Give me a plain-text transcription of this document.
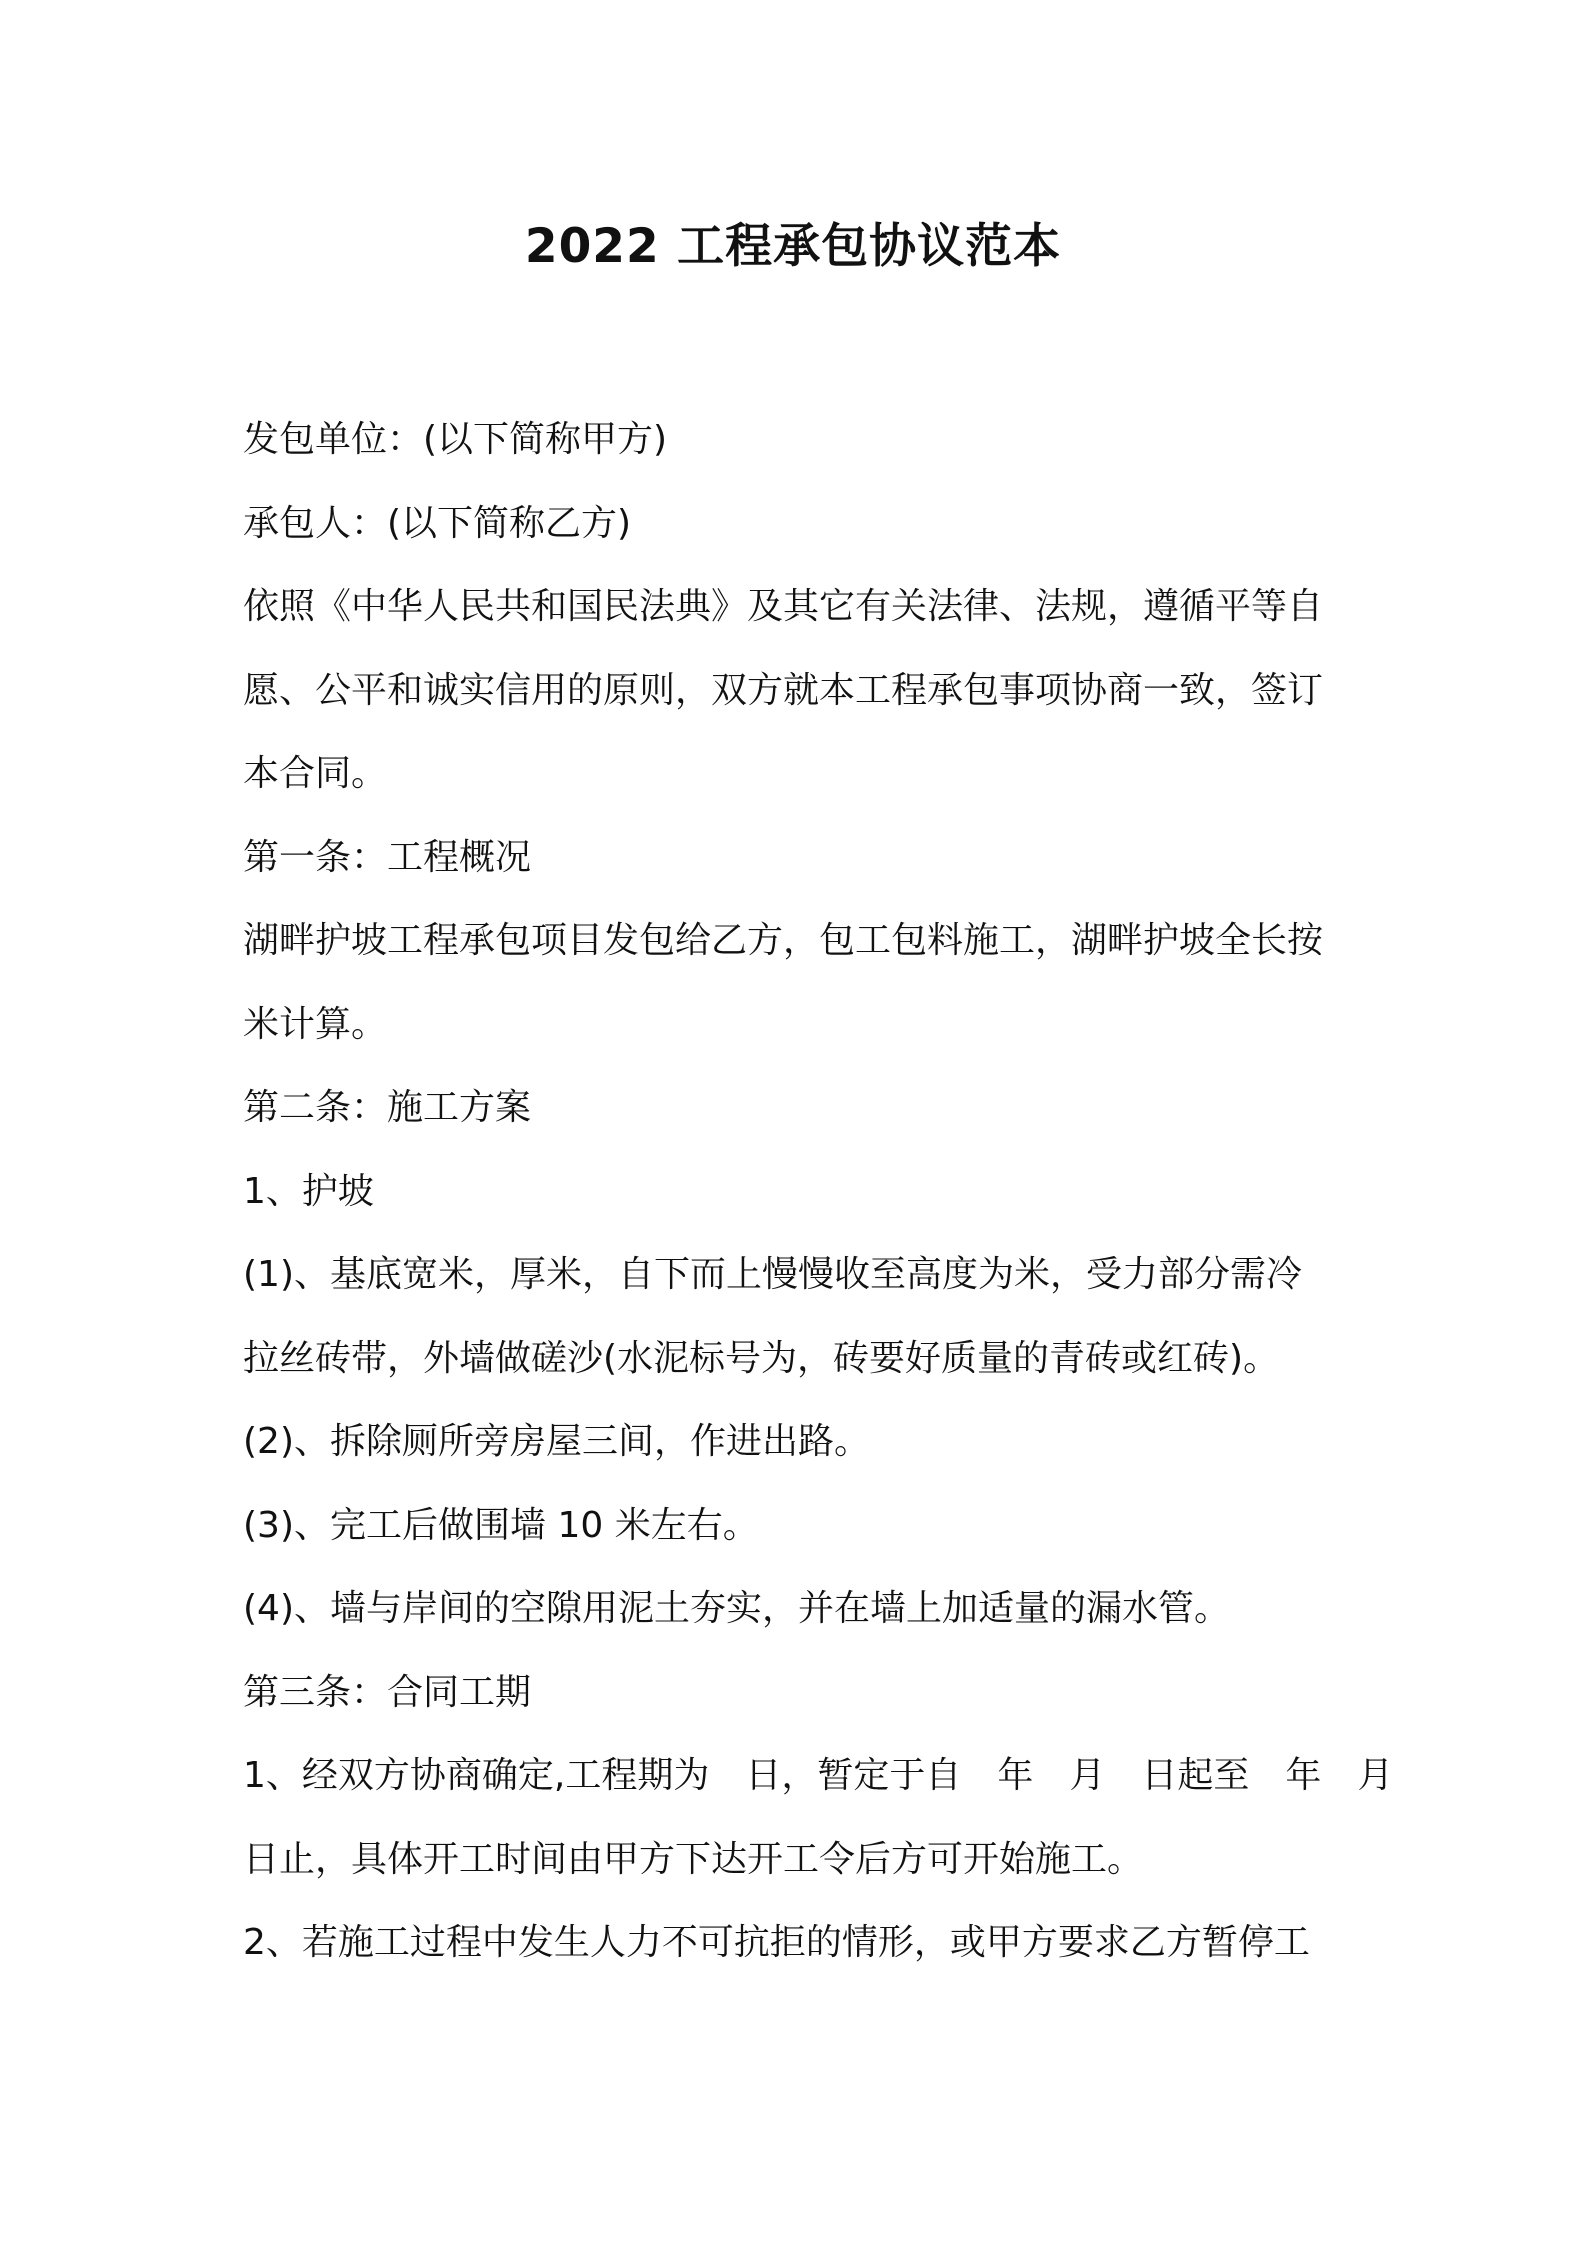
2022 工程承包协议范本

发包单位：(以下简称甲方)

承包人：(以下简称乙方)

依照《中华人民共和国民法典》及其它有关法律、法规，遵循平等自

愿、公平和诚实信用的原则，双方就本工程承包事项协商一致，签订

本合同。

第一条：工程概况

湖畔护坡工程承包项目发包给乙方，包工包料施工，湖畔护坡全长按

米计算。

第二条：施工方案

1、护坡

(1)、基底宽米，厚米，自下而上慢慢收至高度为米，受力部分需冷

拉丝砖带，外墙做磋沙(水泥标号为，砖要好质量的青砖或红砖)。

(2)、拆除厕所旁房屋三间，作进出路。

(3)、完工后做围墙 10 米左右。

(4)、墙与岸间的空隙用泥土夯实，并在墙上加适量的漏水管。

第三条：合同工期

1、经双方协商确定,工程期为　日，暂定于自　年　月　日起至　年　月

日止，具体开工时间由甲方下达开工令后方可开始施工。

2、若施工过程中发生人力不可抗拒的情形，或甲方要求乙方暂停工
